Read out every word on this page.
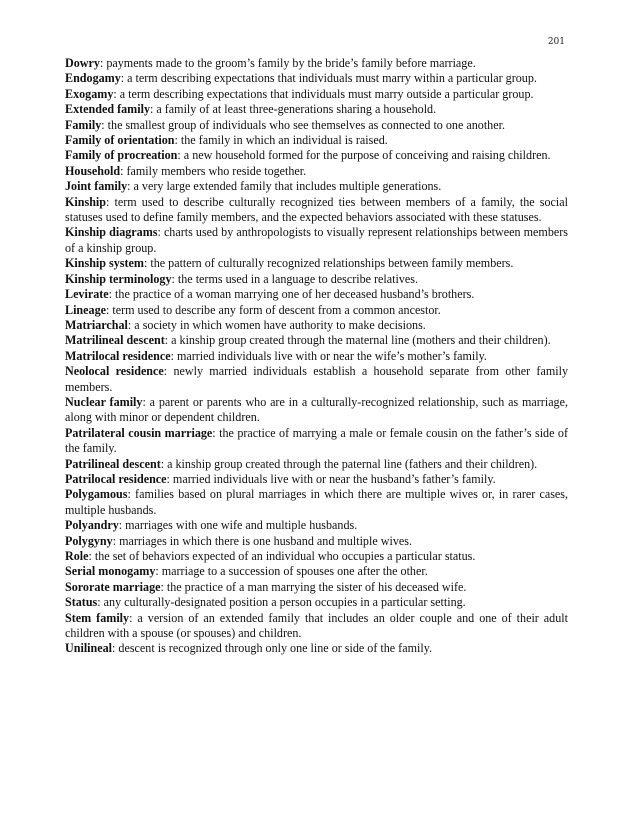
201

Dowry: payments made to the groom’s family by the bride’s family before marriage.

Endogamy: a term describing expectations that individuals must marry within a particular group.

Exogamy: a term describing expectations that individuals must marry outside a particular group.

Extended family: a family of at least three-generations sharing a household.

Family: the smallest group of individuals who see themselves as connected to one another.

Family of orientation: the family in which an individual is raised.

Family of procreation: a new household formed for the purpose of conceiving and raising children.

Household: family members who reside together.

Joint family: a very large extended family that includes multiple generations.

Kinship: term used to describe culturally recognized ties between members of a family, the social statuses used to define family members, and the expected behaviors associated with these statuses.

Kinship diagrams: charts used by anthropologists to visually represent relationships between members of a kinship group.

Kinship system: the pattern of culturally recognized relationships between family members.

Kinship terminology: the terms used in a language to describe relatives.

Levirate: the practice of a woman marrying one of her deceased husband’s brothers.

Lineage: term used to describe any form of descent from a common ancestor.

Matriarchal: a society in which women have authority to make decisions.

Matrilineal descent: a kinship group created through the maternal line (mothers and their children).

Matrilocal residence: married individuals live with or near the wife’s mother’s family.

Neolocal residence: newly married individuals establish a household separate from other family members.

Nuclear family: a parent or parents who are in a culturally-recognized relationship, such as marriage, along with minor or dependent children.

Patrilateral cousin marriage: the practice of marrying a male or female cousin on the father’s side of the family.

Patrilineal descent: a kinship group created through the paternal line (fathers and their children).

Patrilocal residence: married individuals live with or near the husband’s father’s family.

Polygamous: families based on plural marriages in which there are multiple wives or, in rarer cases, multiple husbands.

Polyandry: marriages with one wife and multiple husbands.

Polygyny: marriages in which there is one husband and multiple wives.

Role: the set of behaviors expected of an individual who occupies a particular status.

Serial monogamy: marriage to a succession of spouses one after the other.

Sororate marriage: the practice of a man marrying the sister of his deceased wife.

Status: any culturally-designated position a person occupies in a particular setting.

Stem family: a version of an extended family that includes an older couple and one of their adult children with a spouse (or spouses) and children.

Unilineal: descent is recognized through only one line or side of the family.
